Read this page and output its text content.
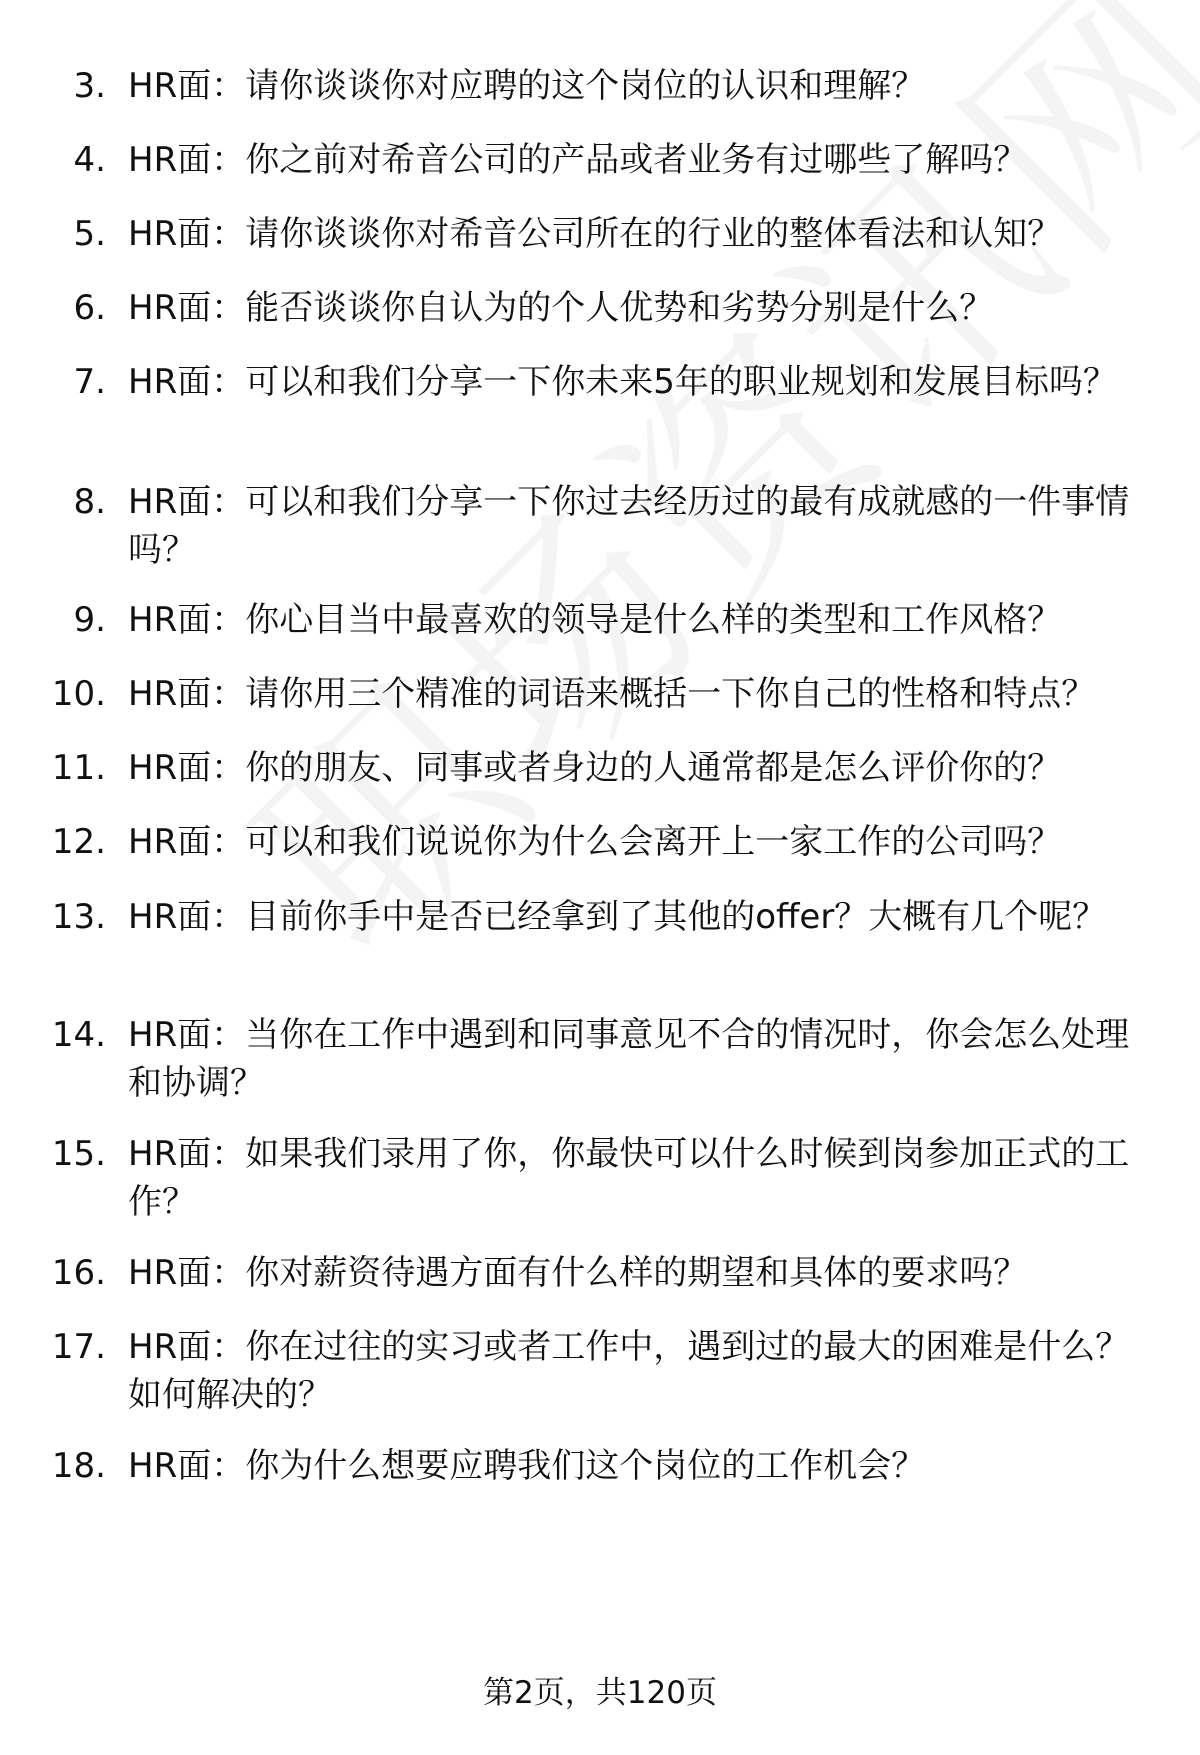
3. HR面：请你谈谈你对应聘的这个岗位的认识和理解？
4. HR面：你之前对希音公司的产品或者业务有过哪些了解吗？
5. HR面：请你谈谈你对希音公司所在的行业的整体看法和认知？
6. HR面：能否谈谈你自认为的个人优势和劣势分别是什么？
7. HR面：可以和我们分享一下你未来5年的职业规划和发展目标吗？
8. HR面：可以和我们分享一下你过去经历过的最有成就感的一件事情吗？
9. HR面：你心目当中最喜欢的领导是什么样的类型和工作风格？
10. HR面：请你用三个精准的词语来概括一下你自己的性格和特点？
11. HR面：你的朋友、同事或者身边的人通常都是怎么评价你的？
12. HR面：可以和我们说说你为什么会离开上一家工作的公司吗？
13. HR面：目前你手中是否已经拿到了其他的offer？大概有几个呢？
14. HR面：当你在工作中遇到和同事意见不合的情况时，你会怎么处理和协调？
15. HR面：如果我们录用了你，你最快可以什么时候到岗参加正式的工作？
16. HR面：你对薪资待遇方面有什么样的期望和具体的要求吗？
17. HR面：你在过往的实习或者工作中，遇到过的最大的困难是什么？如何解决的？
18. HR面：你为什么想要应聘我们这个岗位的工作机会？
第2页，共120页
